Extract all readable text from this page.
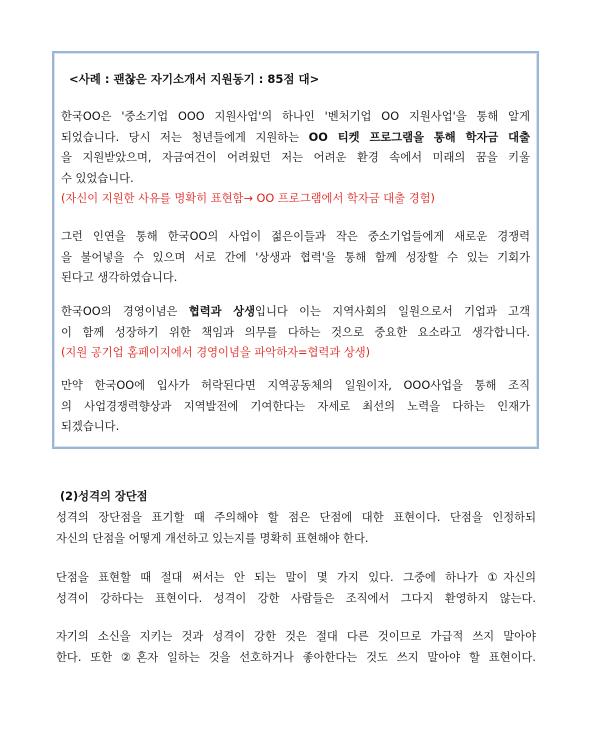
<사례 : 괜찮은 자기소개서 지원동기 : 85점 대>
한국OO은 '중소기업 OOO 지원사업'의 하나인 '벤처기업 OO 지원사업'을 통해 알게
되었습니다. 당시 저는 청년들에게 지원하는 OO 티켓 프로그램을 통해 학자금 대출
을 지원받았으며, 자금여건이 어려웠던 저는 어려운 환경 속에서 미래의 꿈을 키울
수 있었습니다.
(자신이 지원한 사유를 명확히 표현함→ OO 프로그램에서 학자금 대출 경험)
그런 인연을 통해 한국OO의 사업이 젊은이들과 작은 중소기업들에게 새로운 경쟁력
을 불어넣을 수 있으며 서로 간에 '상생과 협력'을 통해 함께 성장할 수 있는 기회가
된다고 생각하였습니다.
한국OO의 경영이념은 협력과 상생입니다 이는 지역사회의 일원으로서 기업과 고객
이 함께 성장하기 위한 책임과 의무를 다하는 것으로 중요한 요소라고 생각합니다.
(지원 공기업 홈페이지에서 경영이념을 파악하자=협력과 상생)
만약 한국OO에 입사가 허락된다면 지역공동체의 일원이자, OOO사업을 통해 조직
의 사업경쟁력향상과 지역발전에 기여한다는 자세로 최선의 노력을 다하는 인재가
되겠습니다.
(2)성격의 장단점
성격의 장단점을 표기할 때 주의해야 할 점은 단점에 대한 표현이다. 단점을 인정하되
자신의 단점을 어떻게 개선하고 있는지를 명확히 표현해야 한다.
단점을 표현할 때 절대 써서는 안 되는 말이 몇 가지 있다. 그중에 하나가 ①자신의
성격이 강하다는 표현이다. 성격이 강한 사람들은 조직에서 그다지 환영하지 않는다.
자기의 소신을 지키는 것과 성격이 강한 것은 절대 다른 것이므로 가급적 쓰지 말아야
한다. 또한 ②혼자 일하는 것을 선호하거나 좋아한다는 것도 쓰지 말아야 할 표현이다.
